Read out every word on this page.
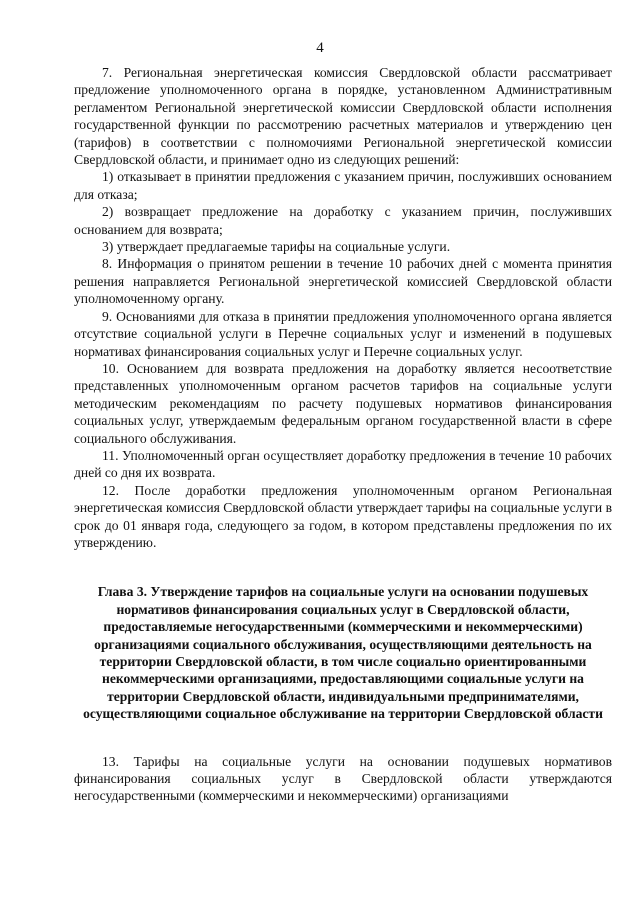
4

7. Региональная энергетическая комиссия Свердловской области рассматривает предложение уполномоченного органа в порядке, установленном Административным регламентом Региональной энергетической комиссии Свердловской области исполнения государственной функции по рассмотрению расчетных материалов и утверждению цен (тарифов) в соответствии с полномочиями Региональной энергетической комиссии Свердловской области, и принимает одно из следующих решений:

1) отказывает в принятии предложения с указанием причин, послуживших основанием для отказа;

2) возвращает предложение на доработку с указанием причин, послуживших основанием для возврата;

3) утверждает предлагаемые тарифы на социальные услуги.

8. Информация о принятом решении в течение 10 рабочих дней с момента принятия решения направляется Региональной энергетической комиссией Свердловской области уполномоченному органу.

9. Основаниями для отказа в принятии предложения уполномоченного органа является отсутствие социальной услуги в Перечне социальных услуг и изменений в подушевых нормативах финансирования социальных услуг и Перечне социальных услуг.

10. Основанием для возврата предложения на доработку является несоответствие представленных уполномоченным органом расчетов тарифов на социальные услуги методическим рекомендациям по расчету подушевых нормативов финансирования социальных услуг, утверждаемым федеральным органом государственной власти в сфере социального обслуживания.

11. Уполномоченный орган осуществляет доработку предложения в течение 10 рабочих дней со дня их возврата.

12. После доработки предложения уполномоченным органом Региональная энергетическая комиссия Свердловской области утверждает тарифы на социальные услуги в срок до 01 января года, следующего за годом, в котором представлены предложения по их утверждению.

Глава 3. Утверждение тарифов на социальные услуги на основании подушевых нормативов финансирования социальных услуг в Свердловской области, предоставляемые негосударственными (коммерческими и некоммерческими) организациями социального обслуживания, осуществляющими деятельность на территории Свердловской области, в том числе социально ориентированными некоммерческими организациями, предоставляющими социальные услуги на территории Свердловской области, индивидуальными предпринимателями, осуществляющими социальное обслуживание на территории Свердловской области

13. Тарифы на социальные услуги на основании подушевых нормативов финансирования социальных услуг в Свердловской области утверждаются негосударственными (коммерческими и некоммерческими) организациями
